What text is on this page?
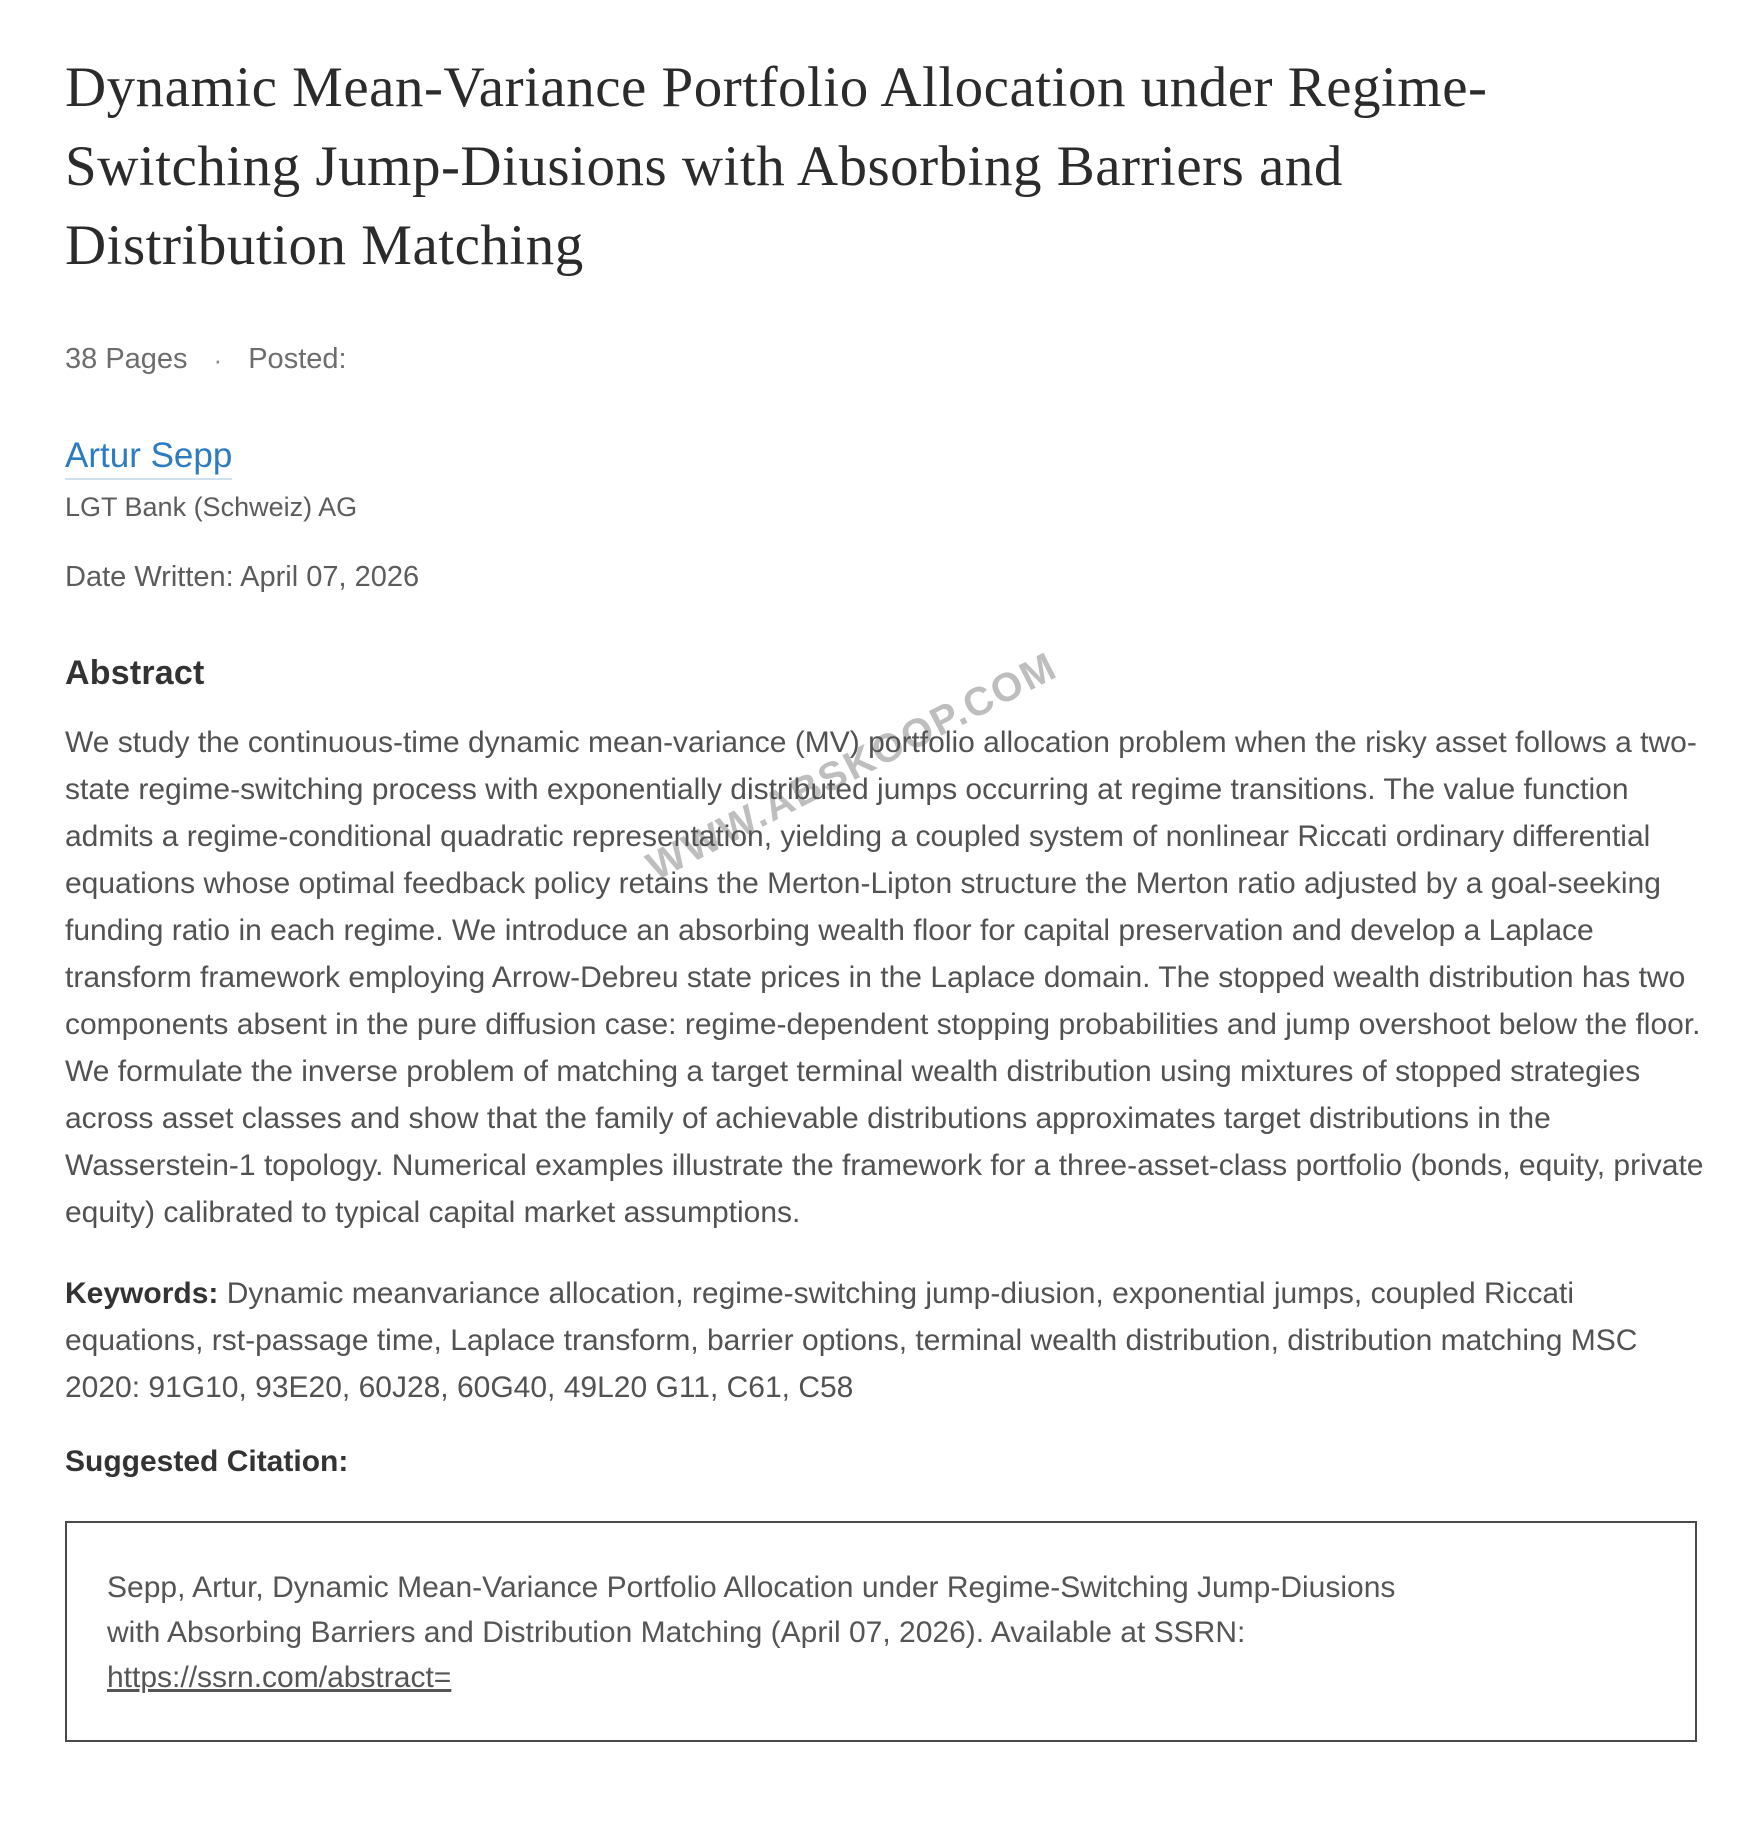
WWW.ABSKOOP.COM
Dynamic Mean-Variance Portfolio Allocation under Regime-Switching Jump-Diusions with Absorbing Barriers and Distribution Matching
38 Pages · Posted:
Artur Sepp
LGT Bank (Schweiz) AG
Date Written: April 07, 2026
Abstract

We study the continuous-time dynamic mean-variance (MV) portfolio allocation problem when the risky asset follows a two-state regime-switching process with exponentially distributed jumps occurring at regime transitions. The value function admits a regime-conditional quadratic representation, yielding a coupled system of nonlinear Riccati ordinary differential equations whose optimal feedback policy retains the Merton-Lipton structure the Merton ratio adjusted by a goal-seeking funding ratio in each regime. We introduce an absorbing wealth floor for capital preservation and develop a Laplace transform framework employing Arrow-Debreu state prices in the Laplace domain. The stopped wealth distribution has two components absent in the pure diffusion case: regime-dependent stopping probabilities and jump overshoot below the floor. We formulate the inverse problem of matching a target terminal wealth distribution using mixtures of stopped strategies across asset classes and show that the family of achievable distributions approximates target distributions in the Wasserstein-1 topology. Numerical examples illustrate the framework for a three-asset-class portfolio (bonds, equity, private equity) calibrated to typical capital market assumptions.

Keywords: Dynamic meanvariance allocation, regime-switching jump-diusion, exponential jumps, coupled Riccati equations, rst-passage time, Laplace transform, barrier options, terminal wealth distribution, distribution matching MSC 2020: 91G10, 93E20, 60J28, 60G40, 49L20 G11, C61, C58

Suggested Citation:

Sepp, Artur, Dynamic Mean-Variance Portfolio Allocation under Regime-Switching Jump-Diusions with Absorbing Barriers and Distribution Matching (April 07, 2026). Available at SSRN: https://ssrn.com/abstract=
